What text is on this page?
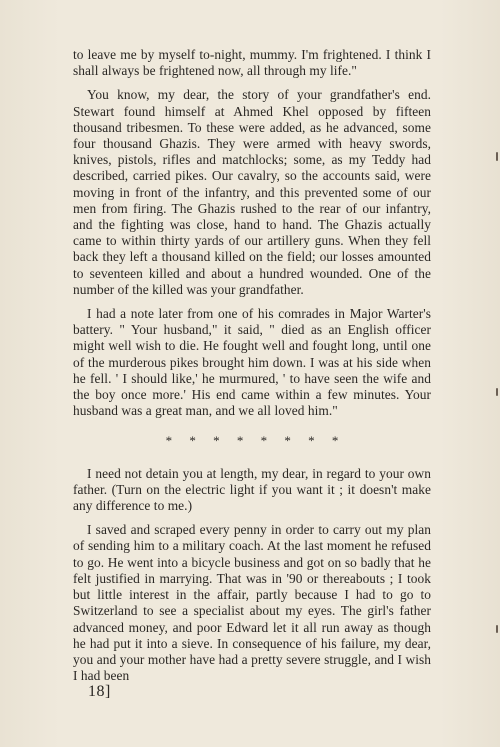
to leave me by myself to-night, mummy. I'm frightened. I think I shall always be frightened now, all through my life."

You know, my dear, the story of your grandfather's end. Stewart found himself at Ahmed Khel opposed by fifteen thousand tribesmen. To these were added, as he advanced, some four thousand Ghazis. They were armed with heavy swords, knives, pistols, rifles and matchlocks; some, as my Teddy had described, carried pikes. Our cavalry, so the accounts said, were moving in front of the infantry, and this prevented some of our men from firing. The Ghazis rushed to the rear of our infantry, and the fighting was close, hand to hand. The Ghazis actually came to within thirty yards of our artillery guns. When they fell back they left a thousand killed on the field; our losses amounted to seventeen killed and about a hundred wounded. One of the number of the killed was your grandfather.

I had a note later from one of his comrades in Major Warter's battery. " Your husband," it said, " died as an English officer might well wish to die. He fought well and fought long, until one of the murderous pikes brought him down. I was at his side when he fell. ' I should like,' he murmured, ' to have seen the wife and the boy once more.' His end came within a few minutes. Your husband was a great man, and we all loved him."

* * * * * * * *

I need not detain you at length, my dear, in regard to your own father. (Turn on the electric light if you want it ; it doesn't make any difference to me.)

I saved and scraped every penny in order to carry out my plan of sending him to a military coach. At the last moment he refused to go. He went into a bicycle business and got on so badly that he felt justified in marrying. That was in '90 or thereabouts ; I took but little interest in the affair, partly because I had to go to Switzerland to see a specialist about my eyes. The girl's father advanced money, and poor Edward let it all run away as though he had put it into a sieve. In consequence of his failure, my dear, you and your mother have had a pretty severe struggle, and I wish I had been

18]
